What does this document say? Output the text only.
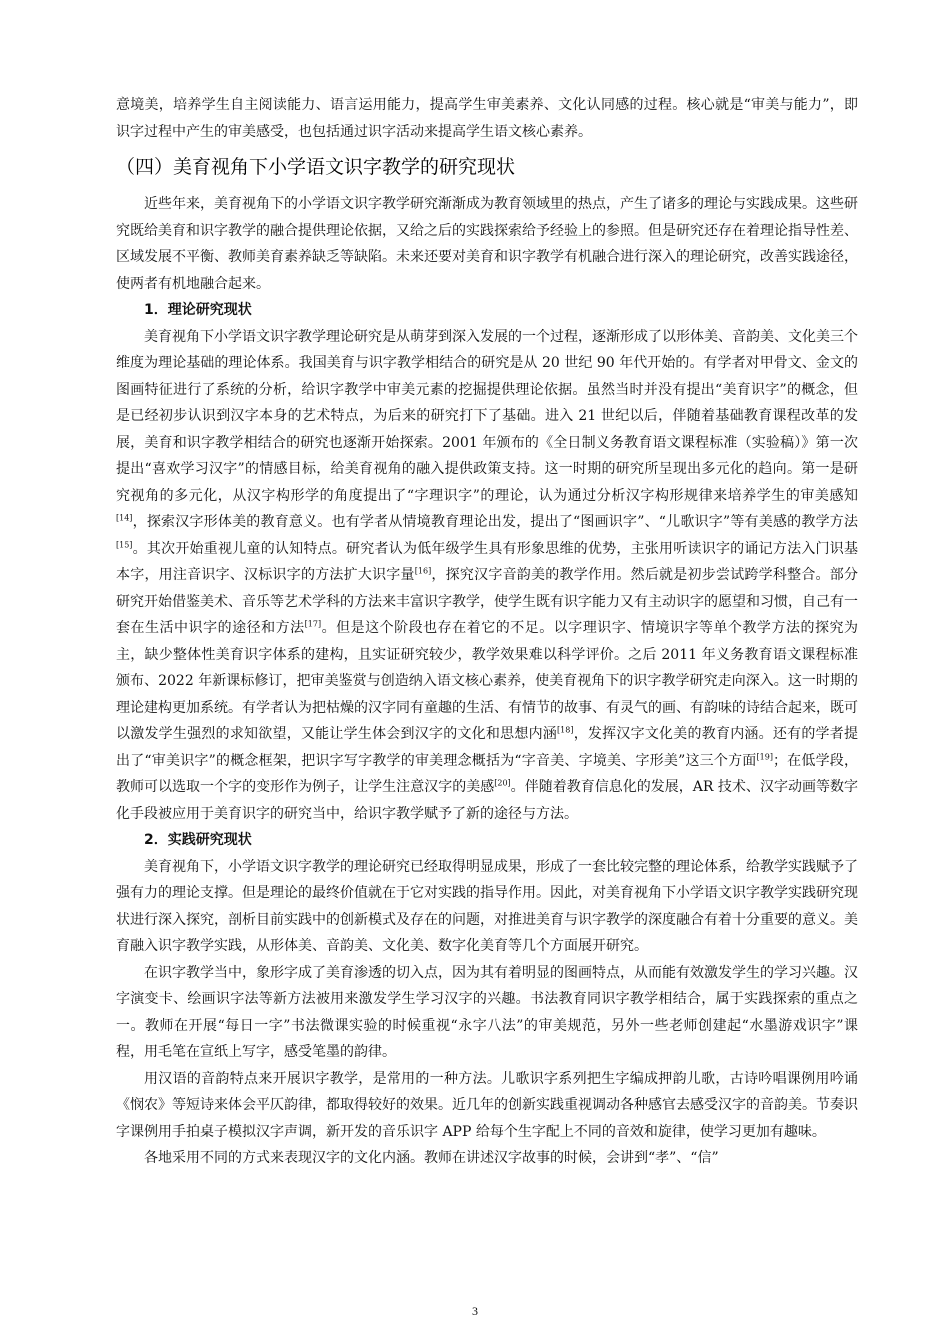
意境美，培养学生自主阅读能力、语言运用能力，提高学生审美素养、文化认同感的过程。核心就是“审美与能力”，即识字过程中产生的审美感受，也包括通过识字活动来提高学生语文核心素养。

（四）美育视角下小学语文识字教学的研究现状

近些年来，美育视角下的小学语文识字教学研究渐渐成为教育领域里的热点，产生了诸多的理论与实践成果。这些研究既给美育和识字教学的融合提供理论依据，又给之后的实践探索给予经验上的参照。但是研究还存在着理论指导性差、区域发展不平衡、教师美育素养缺乏等缺陷。未来还要对美育和识字教学有机融合进行深入的理论研究，改善实践途径，使两者有机地融合起来。

1．理论研究现状

美育视角下小学语文识字教学理论研究是从萌芽到深入发展的一个过程，逐渐形成了以形体美、音韵美、文化美三个维度为理论基础的理论体系。我国美育与识字教学相结合的研究是从 20 世纪 90 年代开始的。有学者对甲骨文、金文的图画特征进行了系统的分析，给识字教学中审美元素的挖掘提供理论依据。虽然当时并没有提出“美育识字”的概念，但是已经初步认识到汉字本身的艺术特点，为后来的研究打下了基础。进入 21 世纪以后，伴随着基础教育课程改革的发展，美育和识字教学相结合的研究也逐渐开始探索。2001 年颁布的《全日制义务教育语文课程标准（实验稿）》第一次提出“喜欢学习汉字”的情感目标，给美育视角的融入提供政策支持。这一时期的研究所呈现出多元化的趋向。第一是研究视角的多元化，从汉字构形学的角度提出了“字理识字”的理论，认为通过分析汉字构形规律来培养学生的审美感知[14]，探索汉字形体美的教育意义。也有学者从情境教育理论出发，提出了“图画识字”、“儿歌识字”等有美感的教学方法[15]。其次开始重视儿童的认知特点。研究者认为低年级学生具有形象思维的优势，主张用听读识字的诵记方法入门识基本字，用注音识字、汉标识字的方法扩大识字量[16]，探究汉字音韵美的教学作用。然后就是初步尝试跨学科整合。部分研究开始借鉴美术、音乐等艺术学科的方法来丰富识字教学，使学生既有识字能力又有主动识字的愿望和习惯，自己有一套在生活中识字的途径和方法[17]。但是这个阶段也存在着它的不足。以字理识字、情境识字等单个教学方法的探究为主，缺少整体性美育识字体系的建构，且实证研究较少，教学效果难以科学评价。之后 2011 年义务教育语文课程标准颁布、2022 年新课标修订，把审美鉴赏与创造纳入语文核心素养，使美育视角下的识字教学研究走向深入。这一时期的理论建构更加系统。有学者认为把枯燥的汉字同有童趣的生活、有情节的故事、有灵气的画、有韵味的诗结合起来，既可以激发学生强烈的求知欲望，又能让学生体会到汉字的文化和思想内涵[18]，发挥汉字文化美的教育内涵。还有的学者提出了“审美识字”的概念框架，把识字写字教学的审美理念概括为“字音美、字境美、字形美”这三个方面[19]；在低学段，教师可以选取一个字的变形作为例子，让学生注意汉字的美感[20]。伴随着教育信息化的发展，AR 技术、汉字动画等数字化手段被应用于美育识字的研究当中，给识字教学赋予了新的途径与方法。

2．实践研究现状

美育视角下，小学语文识字教学的理论研究已经取得明显成果，形成了一套比较完整的理论体系，给教学实践赋予了强有力的理论支撑。但是理论的最终价值就在于它对实践的指导作用。因此，对美育视角下小学语文识字教学实践研究现状进行深入探究，剖析目前实践中的创新模式及存在的问题，对推进美育与识字教学的深度融合有着十分重要的意义。美育融入识字教学实践，从形体美、音韵美、文化美、数字化美育等几个方面展开研究。

在识字教学当中，象形字成了美育渗透的切入点，因为其有着明显的图画特点，从而能有效激发学生的学习兴趣。汉字演变卡、绘画识字法等新方法被用来激发学生学习汉字的兴趣。书法教育同识字教学相结合，属于实践探索的重点之一。教师在开展“每日一字”书法微课实验的时候重视“永字八法”的审美规范，另外一些老师创建起“水墨游戏识字”课程，用毛笔在宣纸上写字，感受笔墨的韵律。

用汉语的音韵特点来开展识字教学，是常用的一种方法。儿歌识字系列把生字编成押韵儿歌，古诗吟唱课例用吟诵《悯农》等短诗来体会平仄韵律，都取得较好的效果。近几年的创新实践重视调动各种感官去感受汉字的音韵美。节奏识字课例用手拍桌子模拟汉字声调，新开发的音乐识字 APP 给每个生字配上不同的音效和旋律，使学习更加有趣味。

各地采用不同的方式来表现汉字的文化内涵。教师在讲述汉字故事的时候，会讲到“孝”、“信”

3
